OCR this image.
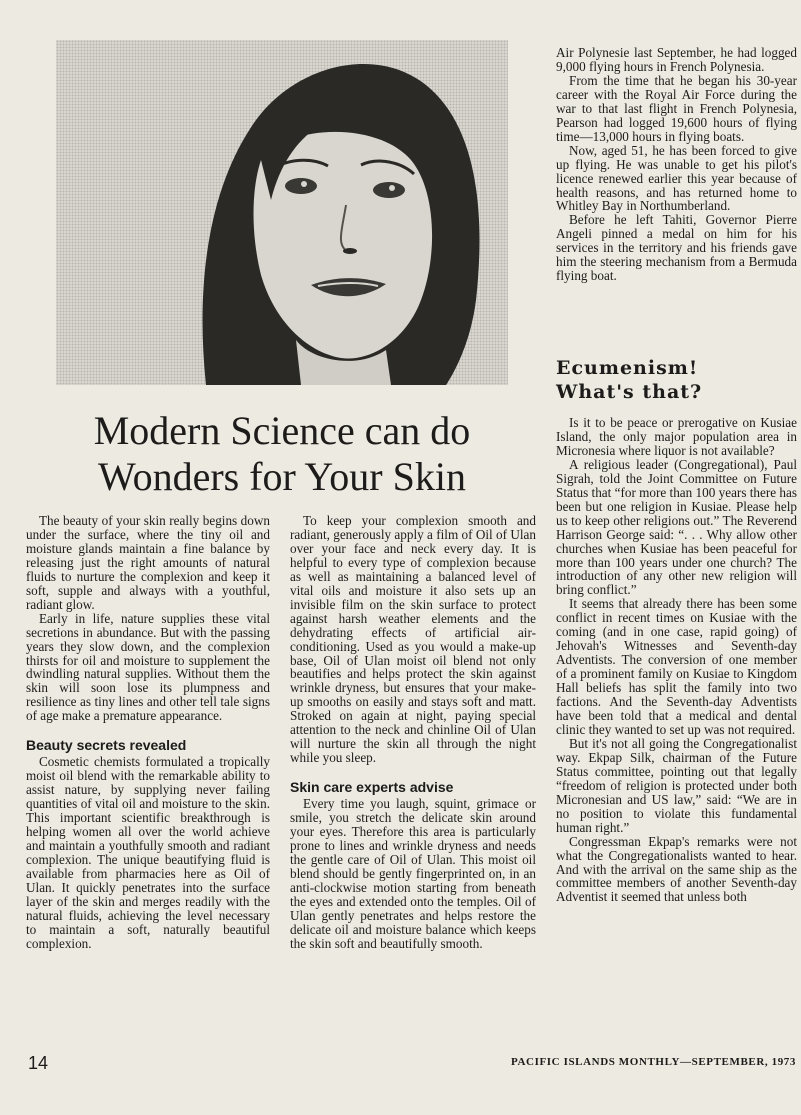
Modern Science can do
Wonders for Your Skin

The beauty of your skin really begins down under the surface, where the tiny oil and moisture glands maintain a fine balance by releasing just the right amounts of natural fluids to nurture the complexion and keep it soft, supple and always with a youthful, radiant glow.

Early in life, nature supplies these vital secretions in abundance. But with the passing years they slow down, and the complexion thirsts for oil and moisture to supplement the dwindling natural supplies. Without them the skin will soon lose its plumpness and resilience as tiny lines and other tell tale signs of age make a premature appearance.

Beauty secrets revealed

Cosmetic chemists formulated a tropically moist oil blend with the remarkable ability to assist nature, by supplying never failing quantities of vital oil and moisture to the skin. This important scientific breakthrough is helping women all over the world achieve and maintain a youthfully smooth and radiant complexion. The unique beautifying fluid is available from pharmacies here as Oil of Ulan. It quickly penetrates into the surface layer of the skin and merges readily with the natural fluids, achieving the level necessary to maintain a soft, naturally beautiful complexion.

To keep your complexion smooth and radiant, generously apply a film of Oil of Ulan over your face and neck every day. It is helpful to every type of complexion because as well as maintaining a balanced level of vital oils and moisture it also sets up an invisible film on the skin surface to protect against harsh weather elements and the dehydrating effects of artificial air-conditioning. Used as you would a make-up base, Oil of Ulan moist oil blend not only beautifies and helps protect the skin against wrinkle dryness, but ensures that your make-up smooths on easily and stays soft and matt. Stroked on again at night, paying special attention to the neck and chinline Oil of Ulan will nurture the skin all through the night while you sleep.

Skin care experts advise

Every time you laugh, squint, grimace or smile, you stretch the delicate skin around your eyes. Therefore this area is particularly prone to lines and wrinkle dryness and needs the gentle care of Oil of Ulan. This moist oil blend should be gently fingerprinted on, in an anti-clockwise motion starting from beneath the eyes and extended onto the temples. Oil of Ulan gently penetrates and helps restore the delicate oil and moisture balance which keeps the skin soft and beautifully smooth.

Air Polynesie last September, he had logged 9,000 flying hours in French Polynesia.

From the time that he began his 30-year career with the Royal Air Force during the war to that last flight in French Polynesia, Pearson had logged 19,600 hours of flying time—13,000 hours in flying boats.

Now, aged 51, he has been forced to give up flying. He was unable to get his pilot's licence renewed earlier this year because of health reasons, and has returned home to Whitley Bay in Northumberland.

Before he left Tahiti, Governor Pierre Angeli pinned a medal on him for his services in the territory and his friends gave him the steering mechanism from a Bermuda flying boat.

Ecumenism!
What's that?

Is it to be peace or prerogative on Kusiae Island, the only major population area in Micronesia where liquor is not available?

A religious leader (Congregational), Paul Sigrah, told the Joint Committee on Future Status that “for more than 100 years there has been but one religion in Kusiae. Please help us to keep other religions out.” The Reverend Harrison George said: “. . . Why allow other churches when Kusiae has been peaceful for more than 100 years under one church? The introduction of any other new religion will bring conflict.”

It seems that already there has been some conflict in recent times on Kusiae with the coming (and in one case, rapid going) of Jehovah's Witnesses and Seventh-day Adventists. The conversion of one member of a prominent family on Kusiae to Kingdom Hall beliefs has split the family into two factions. And the Seventh-day Adventists have been told that a medical and dental clinic they wanted to set up was not required.

But it's not all going the Congregationalist way. Ekpap Silk, chairman of the Future Status committee, pointing out that legally “freedom of religion is protected under both Micronesian and US law,” said: “We are in no position to violate this fundamental human right.”

Congressman Ekpap's remarks were not what the Congregationalists wanted to hear. And with the arrival on the same ship as the committee members of another Seventh-day Adventist it seemed that unless both

14	PACIFIC ISLANDS MONTHLY—SEPTEMBER, 1973
